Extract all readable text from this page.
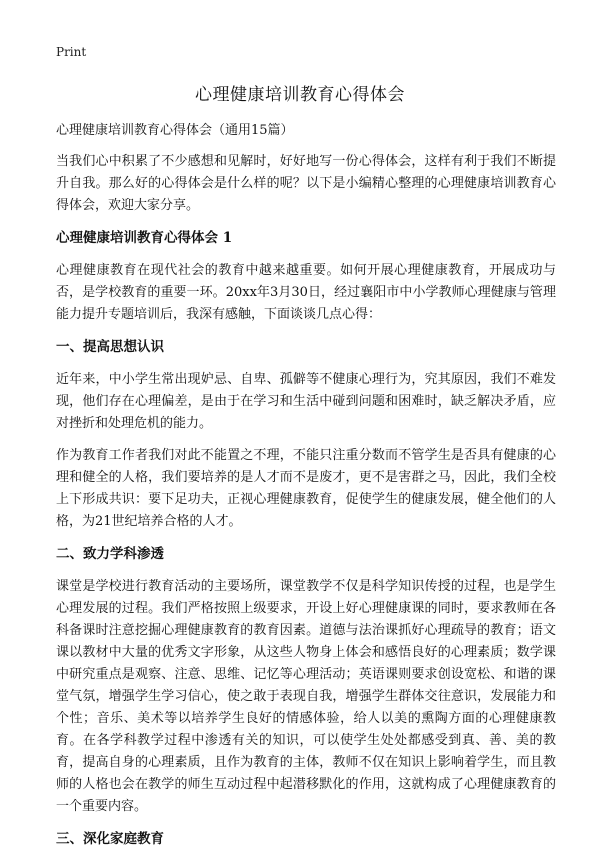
Print
心理健康培训教育心得体会

心理健康培训教育心得体会（通用15篇）

当我们心中积累了不少感想和见解时，好好地写一份心得体会，这样有利于我们不断提升自我。那么好的心得体会是什么样的呢？以下是小编精心整理的心理健康培训教育心得体会，欢迎大家分享。

心理健康培训教育心得体会 1

心理健康教育在现代社会的教育中越来越重要。如何开展心理健康教育，开展成功与否，是学校教育的重要一环。20xx年3月30日，经过襄阳市中小学教师心理健康与管理能力提升专题培训后，我深有感触，下面谈谈几点心得：

一、提高思想认识

近年来，中小学生常出现妒忌、自卑、孤僻等不健康心理行为，究其原因，我们不难发现，他们存在心理偏差，是由于在学习和生活中碰到问题和困难时，缺乏解决矛盾，应对挫折和处理危机的能力。

作为教育工作者我们对此不能置之不理，不能只注重分数而不管学生是否具有健康的心理和健全的人格，我们要培养的是人才而不是废才，更不是害群之马，因此，我们全校上下形成共识：要下足功夫，正视心理健康教育，促使学生的健康发展，健全他们的人格，为21世纪培养合格的人才。

二、致力学科渗透

课堂是学校进行教育活动的主要场所，课堂教学不仅是科学知识传授的过程，也是学生心理发展的过程。我们严格按照上级要求，开设上好心理健康课的同时，要求教师在各科备课时注意挖掘心理健康教育的教育因素。道德与法治课抓好心理疏导的教育；语文课以教材中大量的优秀文字形象，从这些人物身上体会和感悟良好的心理素质；数学课中研究重点是观察、注意、思维、记忆等心理活动；英语课则要求创设宽松、和谐的课堂气氛，增强学生学习信心，使之敢于表现自我，增强学生群体交往意识，发展能力和个性；音乐、美术等以培养学生良好的情感体验，给人以美的熏陶方面的心理健康教育。在各学科教学过程中渗透有关的知识，可以使学生处处都感受到真、善、美的教育，提高自身的心理素质，且作为教育的主体，教师不仅在知识上影响着学生，而且教师的人格也会在教学的师生互动过程中起潜移默化的作用，这就构成了心理健康教育的一个重要内容。

三、深化家庭教育
